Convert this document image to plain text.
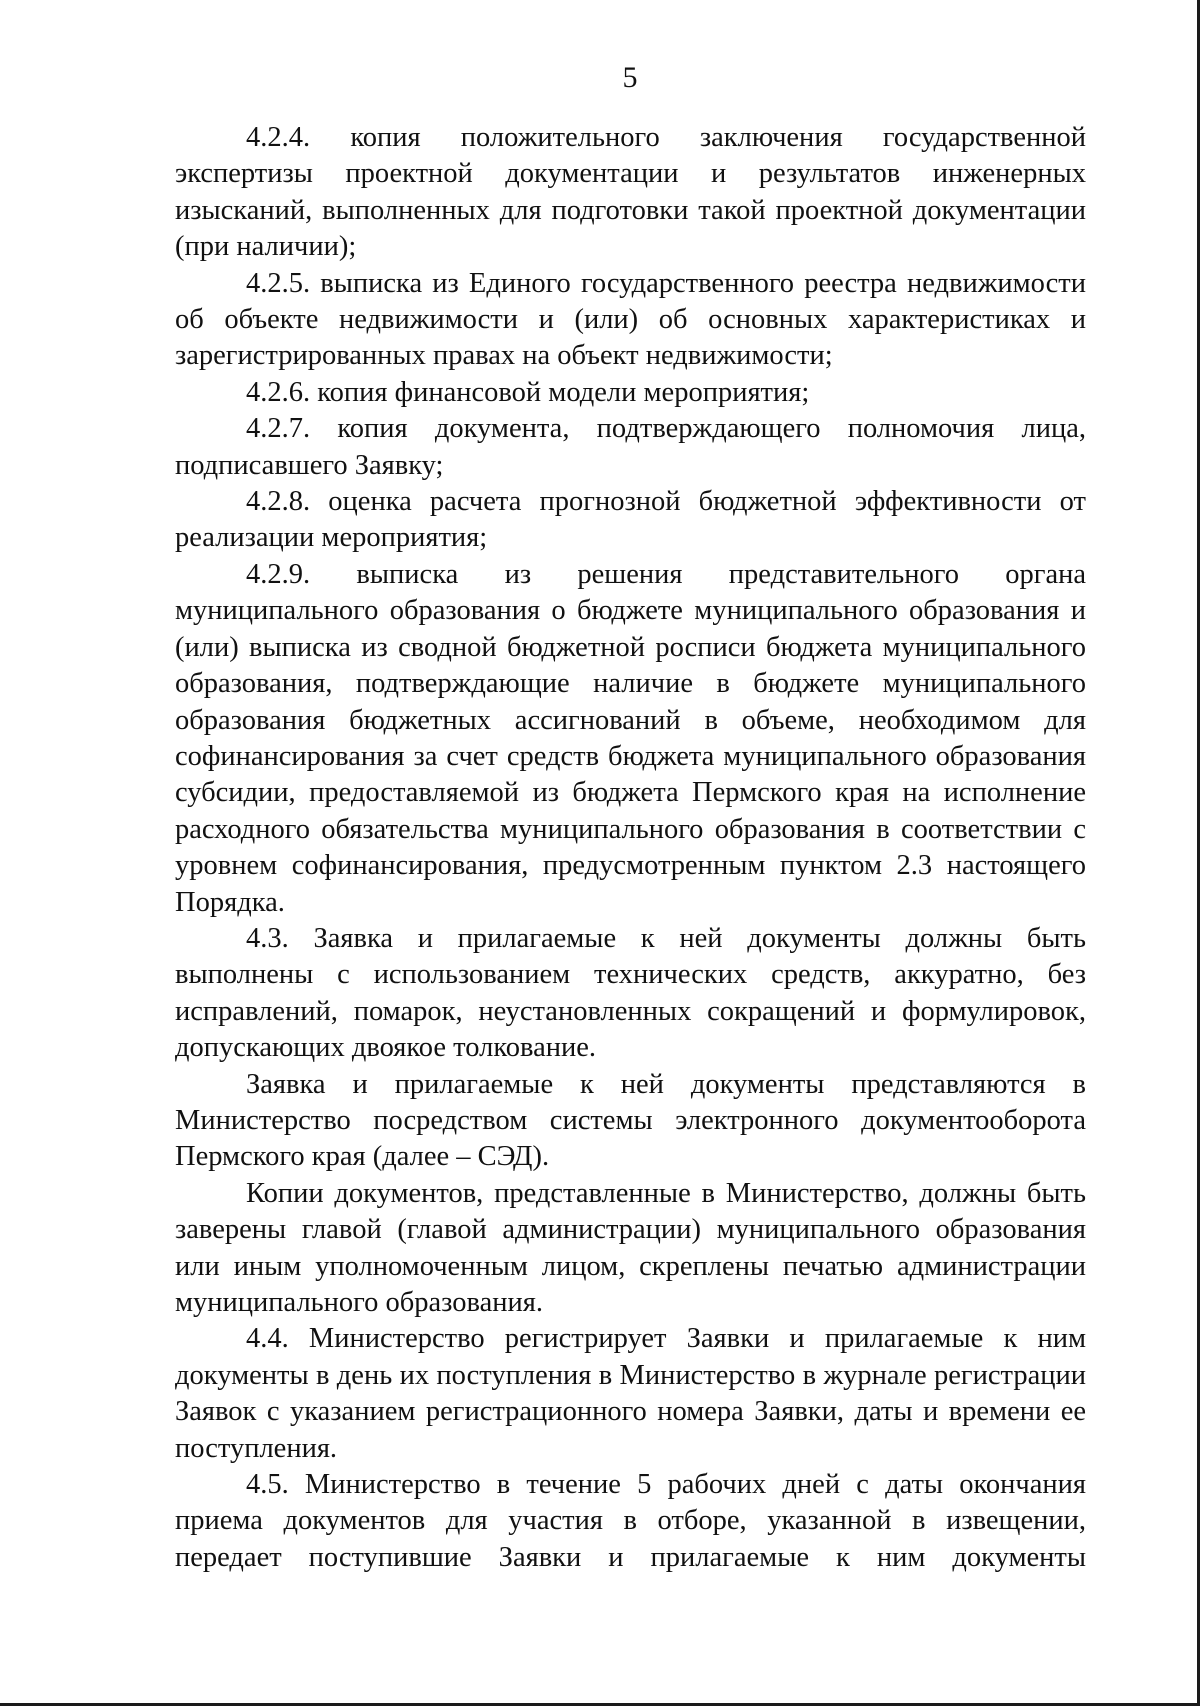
5

4.2.4. копия положительного заключения государственной экспертизы проектной документации и результатов инженерных изысканий, выполненных для подготовки такой проектной документации (при наличии);

4.2.5. выписка из Единого государственного реестра недвижимости об объекте недвижимости и (или) об основных характеристиках и зарегистрированных правах на объект недвижимости;

4.2.6. копия финансовой модели мероприятия;

4.2.7. копия документа, подтверждающего полномочия лица, подписавшего Заявку;

4.2.8. оценка расчета прогнозной бюджетной эффективности от реализации мероприятия;

4.2.9. выписка из решения представительного органа муниципального образования о бюджете муниципального образования и (или) выписка из сводной бюджетной росписи бюджета муниципального образования, подтверждающие наличие в бюджете муниципального образования бюджетных ассигнований в объеме, необходимом для софинансирования за счет средств бюджета муниципального образования субсидии, предоставляемой из бюджета Пермского края на исполнение расходного обязательства муниципального образования в соответствии с уровнем софинансирования, предусмотренным пунктом 2.3 настоящего Порядка.

4.3. Заявка и прилагаемые к ней документы должны быть выполнены с использованием технических средств, аккуратно, без исправлений, помарок, неустановленных сокращений и формулировок, допускающих двоякое толкование.

Заявка и прилагаемые к ней документы представляются в Министерство посредством системы электронного документооборота Пермского края (далее – СЭД).

Копии документов, представленные в Министерство, должны быть заверены главой (главой администрации) муниципального образования или иным уполномоченным лицом, скреплены печатью администрации муниципального образования.

4.4. Министерство регистрирует Заявки и прилагаемые к ним документы в день их поступления в Министерство в журнале регистрации Заявок с указанием регистрационного номера Заявки, даты и времени ее поступления.

4.5. Министерство в течение 5 рабочих дней с даты окончания приема документов для участия в отборе, указанной в извещении, передает поступившие Заявки и прилагаемые к ним документы
